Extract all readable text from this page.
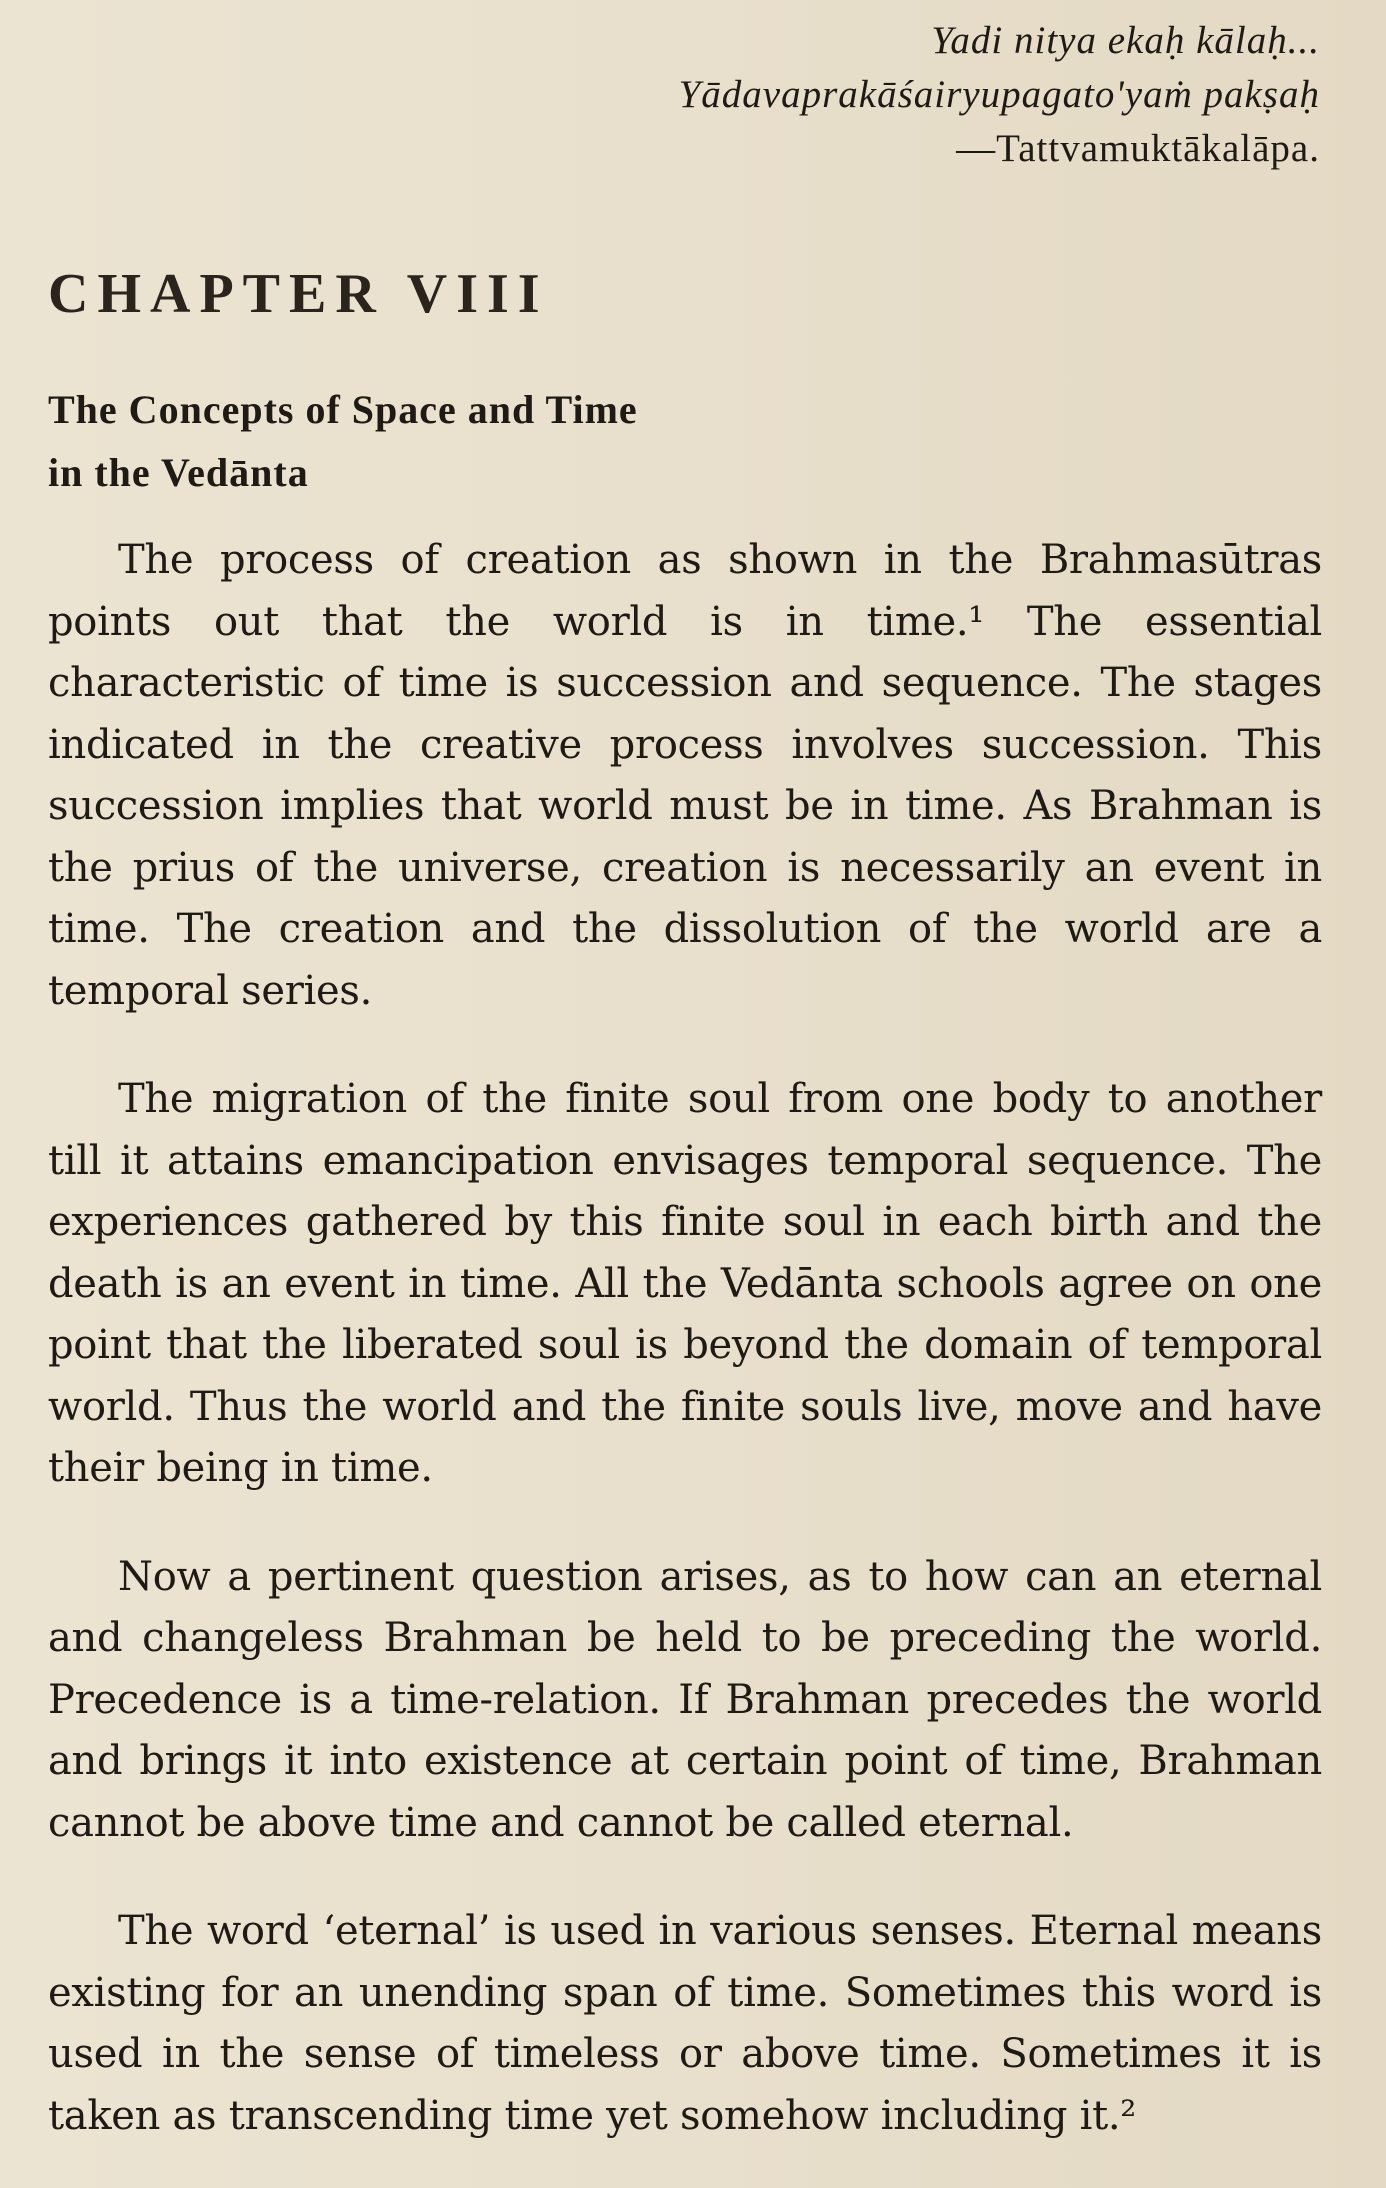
Yadi nitya ekaḥ kālaḥ...
Yādavaprakāśairyupagato'yaṁ pakṣaḥ
—Tattvamuktākalāpa.
CHAPTER VIII
The Concepts of Space and Time
in the Vedānta

The process of creation as shown in the Brahmasūtras points out that the world is in time.¹ The essential characteristic of time is succession and sequence. The stages indicated in the creative process involves succession. This succession implies that world must be in time. As Brahman is the prius of the universe, creation is necessarily an event in time. The creation and the dissolution of the world are a temporal series.

The migration of the finite soul from one body to another till it attains emancipation envisages temporal sequence. The experiences gathered by this finite soul in each birth and the death is an event in time. All the Vedānta schools agree on one point that the liberated soul is beyond the domain of temporal world. Thus the world and the finite souls live, move and have their being in time.

Now a pertinent question arises, as to how can an eternal and changeless Brahman be held to be preceding the world. Precedence is a time-relation. If Brahman precedes the world and brings it into existence at certain point of time, Brahman cannot be above time and cannot be called eternal.

The word ‘eternal’ is used in various senses. Eternal means existing for an unending span of time. Sometimes this word is used in the sense of timeless or above time. Sometimes it is taken as transcending time yet somehow including it.²
